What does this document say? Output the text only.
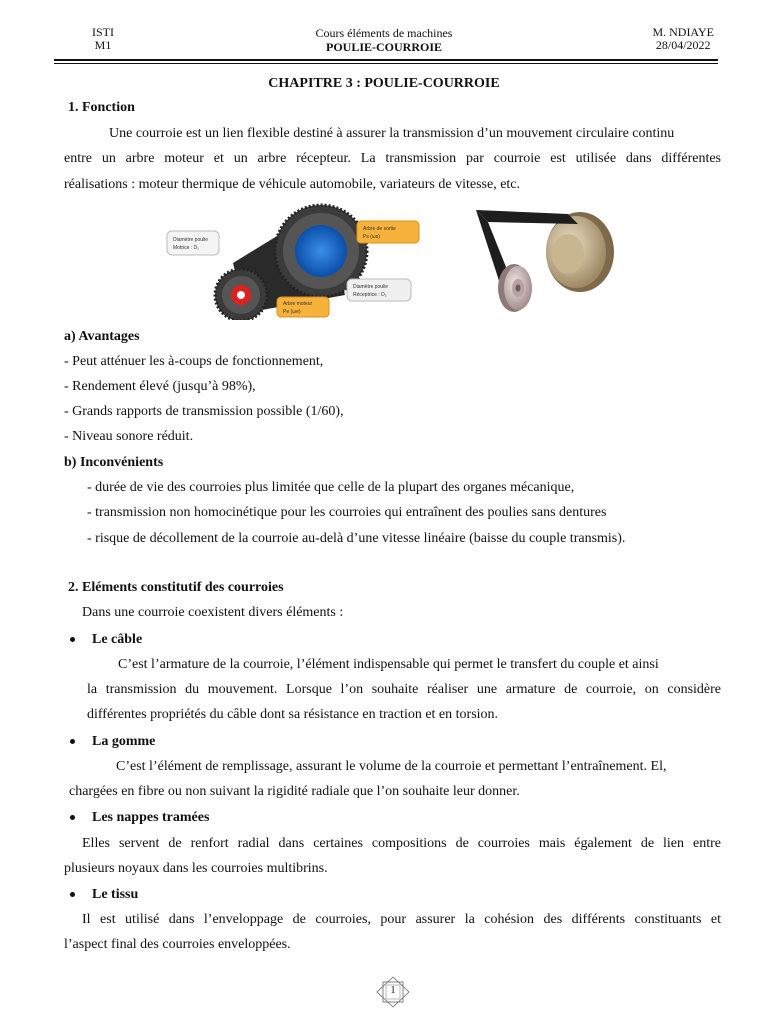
ISTI
M1
Cours éléments de machines
POULIE-COURROIE
M. NDIAYE
28/04/2022
CHAPITRE 3 : POULIE-COURROIE
1. Fonction
Une courroie est un lien flexible destiné à assurer la transmission d’un mouvement circulaire continu
entre un arbre moteur et un arbre récepteur. La transmission par courroie est utilisée dans différentes
réalisations : moteur thermique de véhicule automobile, variateurs de vitesse, etc.
Diamètre poulie
Motrice : D₁
Arbre de sortie
Ps (ωs)
Diamètre poulie
Réceptrice : D₂
Arbre moteur
Pe (ωe)
a) Avantages
- Peut atténuer les à-coups de fonctionnement,
- Rendement élevé (jusqu’à 98%),
- Grands rapports de transmission possible (1/60),
- Niveau sonore réduit.
b) Inconvénients
- durée de vie des courroies plus limitée que celle de la plupart des organes mécanique,
- transmission non homocinétique pour les courroies qui entraînent des poulies sans dentures
- risque de décollement de la courroie au-delà d’une vitesse linéaire (baisse du couple transmis).
2. Eléments constitutif des courroies
Dans une courroie coexistent divers éléments :
Le câble
C’est l’armature de la courroie, l’élément indispensable qui permet le transfert du couple et ainsi
la transmission du mouvement. Lorsque l’on souhaite réaliser une armature de courroie, on considère
différentes propriétés du câble dont sa résistance en traction et en torsion.
La gomme
C’est l’élément de remplissage, assurant le volume de la courroie et permettant l’entraînement. El,
chargées en fibre ou non suivant la rigidité radiale que l’on souhaite leur donner.
Les nappes tramées
Elles servent de renfort radial dans certaines compositions de courroies mais également de lien entre
plusieurs noyaux dans les courroies multibrins.
Le tissu
Il est utilisé dans l’enveloppage de courroies, pour assurer la cohésion des différents constituants et
l’aspect final des courroies enveloppées.
1
